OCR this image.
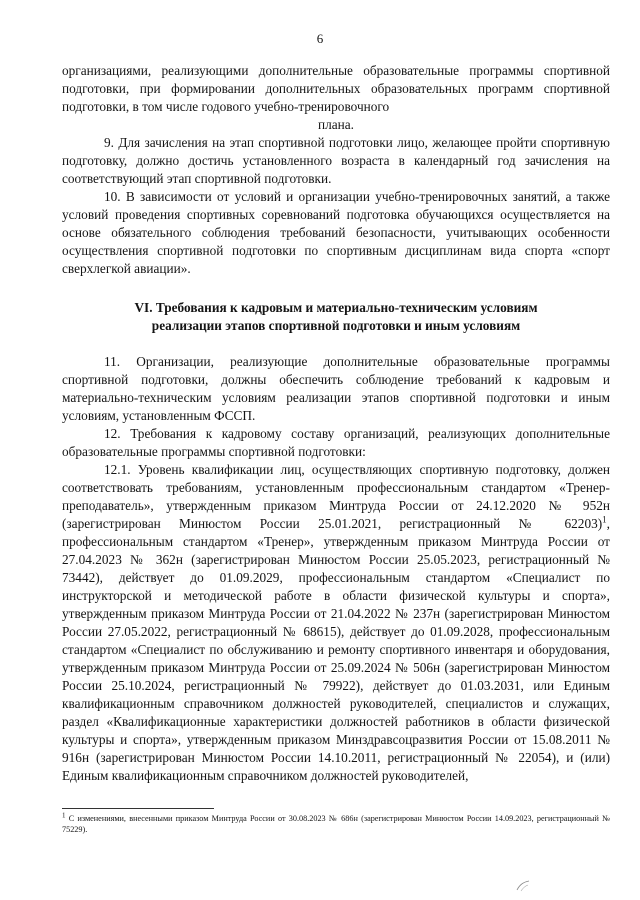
6

организациями, реализующими дополнительные образовательные программы спортивной подготовки, при формировании дополнительных образовательных программ спортивной подготовки, в том числе годового учебно-тренировочного

плана.

9. Для зачисления на этап спортивной подготовки лицо, желающее пройти спортивную подготовку, должно достичь установленного возраста в календарный год зачисления на соответствующий этап спортивной подготовки.

10. В зависимости от условий и организации учебно-тренировочных занятий, а также условий проведения спортивных соревнований подготовка обучающихся осуществляется на основе обязательного соблюдения требований безопасности, учитывающих особенности осуществления спортивной подготовки по спортивным дисциплинам вида спорта «спорт сверхлегкой авиации».

VI. Требования к кадровым и материально-техническим условиям
реализации этапов спортивной подготовки и иным условиям

11. Организации, реализующие дополнительные образовательные программы спортивной подготовки, должны обеспечить соблюдение требований к кадровым и материально-техническим условиям реализации этапов спортивной подготовки и иным условиям, установленным ФССП.

12. Требования к кадровому составу организаций, реализующих дополнительные образовательные программы спортивной подготовки:

12.1. Уровень квалификации лиц, осуществляющих спортивную подготовку, должен соответствовать требованиям, установленным профессиональным стандартом «Тренер-преподаватель», утвержденным приказом Минтруда России от 24.12.2020 № 952н (зарегистрирован Минюстом России 25.01.2021, регистрационный № 62203)$^1$, профессиональным стандартом «Тренер», утвержденным приказом Минтруда России от 27.04.2023 № 362н (зарегистрирован Минюстом России 25.05.2023, регистрационный № 73442), действует до 01.09.2029, профессиональным стандартом «Специалист по инструкторской и методической работе в области физической культуры и спорта», утвержденным приказом Минтруда России от 21.04.2022 № 237н (зарегистрирован Минюстом России 27.05.2022, регистрационный № 68615), действует до 01.09.2028, профессиональным стандартом «Специалист по обслуживанию и ремонту спортивного инвентаря и оборудования, утвержденным приказом Минтруда России от 25.09.2024 № 506н (зарегистрирован Минюстом России 25.10.2024, регистрационный № 79922), действует до 01.03.2031, или Единым квалификационным справочником должностей руководителей, специалистов и служащих, раздел «Квалификационные характеристики должностей работников в области физической культуры и спорта», утвержденным приказом Минздравсоцразвития России от 15.08.2011 № 916н (зарегистрирован Минюстом России 14.10.2011, регистрационный № 22054), и (или) Единым квалификационным справочником должностей руководителей,

$^1$ С изменениями, внесенными приказом Минтруда России от 30.08.2023 № 686н (зарегистрирован Минюстом России 14.09.2023, регистрационный № 75229).
